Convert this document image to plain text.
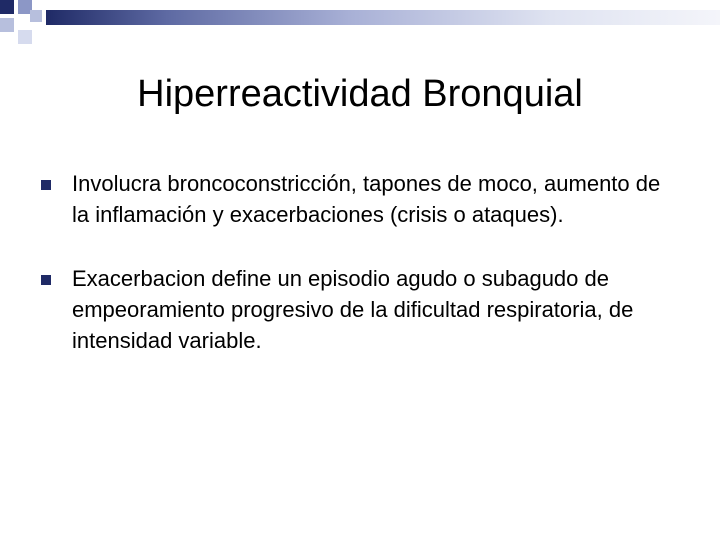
Hiperreactividad Bronquial
Involucra broncoconstricción, tapones de moco, aumento de la inflamación y exacerbaciones (crisis o ataques).
Exacerbacion define un episodio agudo o subagudo de empeoramiento progresivo de la dificultad respiratoria, de intensidad variable.
